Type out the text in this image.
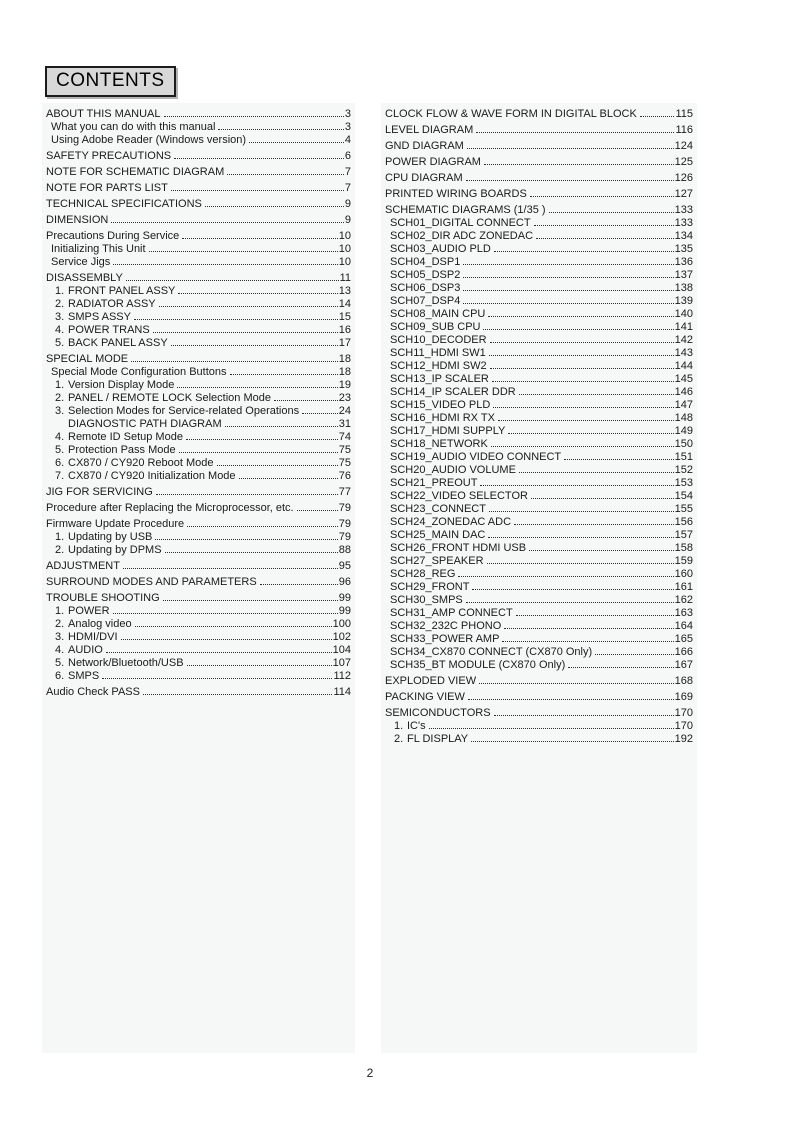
CONTENTS
ABOUT THIS MANUAL	3
What you can do with this manual	3
Using Adobe Reader (Windows version)	4
SAFETY PRECAUTIONS	6
NOTE FOR SCHEMATIC DIAGRAM	7
NOTE FOR PARTS LIST	7
TECHNICAL SPECIFICATIONS	9
DIMENSION	9
Precautions During Service	10
Initializing This Unit	10
Service Jigs	10
DISASSEMBLY	11
1. FRONT PANEL ASSY	13
2. RADIATOR ASSY	14
3. SMPS ASSY	15
4. POWER TRANS	16
5. BACK PANEL ASSY	17
SPECIAL MODE	18
Special Mode Configuration Buttons	18
1. Version Display Mode	19
2. PANEL / REMOTE LOCK Selection Mode	23
3. Selection Modes for Service-related Operations	24
DIAGNOSTIC PATH DIAGRAM	31
4. Remote ID Setup Mode	74
5. Protection Pass Mode	75
6. CX870 / CY920 Reboot Mode	75
7. CX870 / CY920 Initialization Mode	76
JIG FOR SERVICING	77
Procedure after Replacing the Microprocessor, etc.	79
Firmware Update Procedure	79
1. Updating by USB	79
2. Updating by DPMS	88
ADJUSTMENT	95
SURROUND MODES AND PARAMETERS	96
TROUBLE SHOOTING	99
1. POWER	99
2. Analog video	100
3. HDMI/DVI	102
4. AUDIO	104
5. Network/Bluetooth/USB	107
6. SMPS	112
Audio Check PASS	114
CLOCK FLOW & WAVE FORM IN DIGITAL BLOCK	115
LEVEL DIAGRAM	116
GND DIAGRAM	124
POWER DIAGRAM	125
CPU DIAGRAM	126
PRINTED WIRING BOARDS	127
SCHEMATIC DIAGRAMS (1/35 )	133
SCH01_DIGITAL CONNECT	133
SCH02_DIR ADC ZONEDAC	134
SCH03_AUDIO PLD	135
SCH04_DSP1	136
SCH05_DSP2	137
SCH06_DSP3	138
SCH07_DSP4	139
SCH08_MAIN CPU	140
SCH09_SUB CPU	141
SCH10_DECODER	142
SCH11_HDMI SW1	143
SCH12_HDMI SW2	144
SCH13_IP SCALER	145
SCH14_IP SCALER DDR	146
SCH15_VIDEO PLD	147
SCH16_HDMI RX TX	148
SCH17_HDMI SUPPLY	149
SCH18_NETWORK	150
SCH19_AUDIO VIDEO CONNECT	151
SCH20_AUDIO VOLUME	152
SCH21_PREOUT	153
SCH22_VIDEO SELECTOR	154
SCH23_CONNECT	155
SCH24_ZONEDAC ADC	156
SCH25_MAIN DAC	157
SCH26_FRONT HDMI USB	158
SCH27_SPEAKER	159
SCH28_REG	160
SCH29_FRONT	161
SCH30_SMPS	162
SCH31_AMP CONNECT	163
SCH32_232C PHONO	164
SCH33_POWER AMP	165
SCH34_CX870 CONNECT (CX870 Only)	166
SCH35_BT MODULE (CX870 Only)	167
EXPLODED VIEW	168
PACKING VIEW	169
SEMICONDUCTORS	170
1. IC's	170
2. FL DISPLAY	192
2
